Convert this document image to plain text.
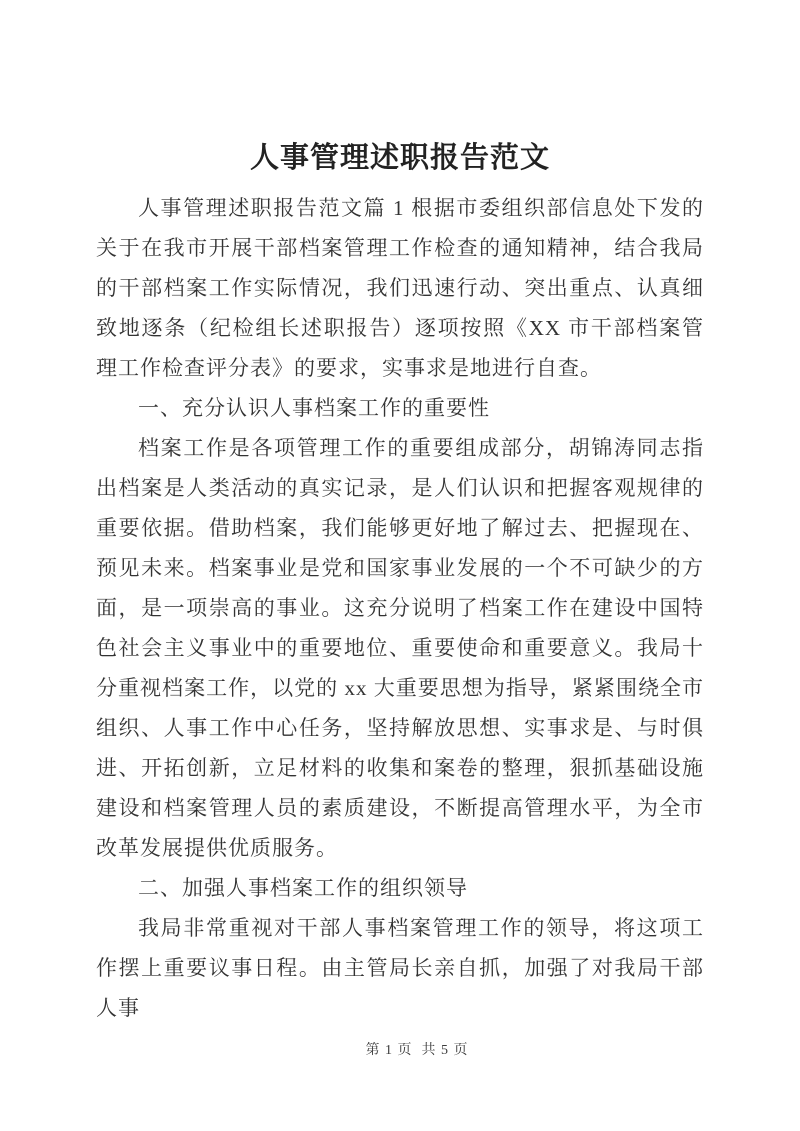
人事管理述职报告范文

人事管理述职报告范文篇 1 根据市委组织部信息处下发的关于在我市开展干部档案管理工作检查的通知精神，结合我局的干部档案工作实际情况，我们迅速行动、突出重点、认真细致地逐条（纪检组长述职报告）逐项按照《XX 市干部档案管理工作检查评分表》的要求，实事求是地进行自查。

一、充分认识人事档案工作的重要性

档案工作是各项管理工作的重要组成部分，胡锦涛同志指出档案是人类活动的真实记录，是人们认识和把握客观规律的重要依据。借助档案，我们能够更好地了解过去、把握现在、预见未来。档案事业是党和国家事业发展的一个不可缺少的方面，是一项崇高的事业。这充分说明了档案工作在建设中国特色社会主义事业中的重要地位、重要使命和重要意义。我局十分重视档案工作，以党的 xx 大重要思想为指导，紧紧围绕全市组织、人事工作中心任务，坚持解放思想、实事求是、与时俱进、开拓创新，立足材料的收集和案卷的整理，狠抓基础设施建设和档案管理人员的素质建设，不断提高管理水平，为全市改革发展提供优质服务。

二、加强人事档案工作的组织领导

我局非常重视对干部人事档案管理工作的领导，将这项工作摆上重要议事日程。由主管局长亲自抓，加强了对我局干部人事

第 1 页  共 5 页
